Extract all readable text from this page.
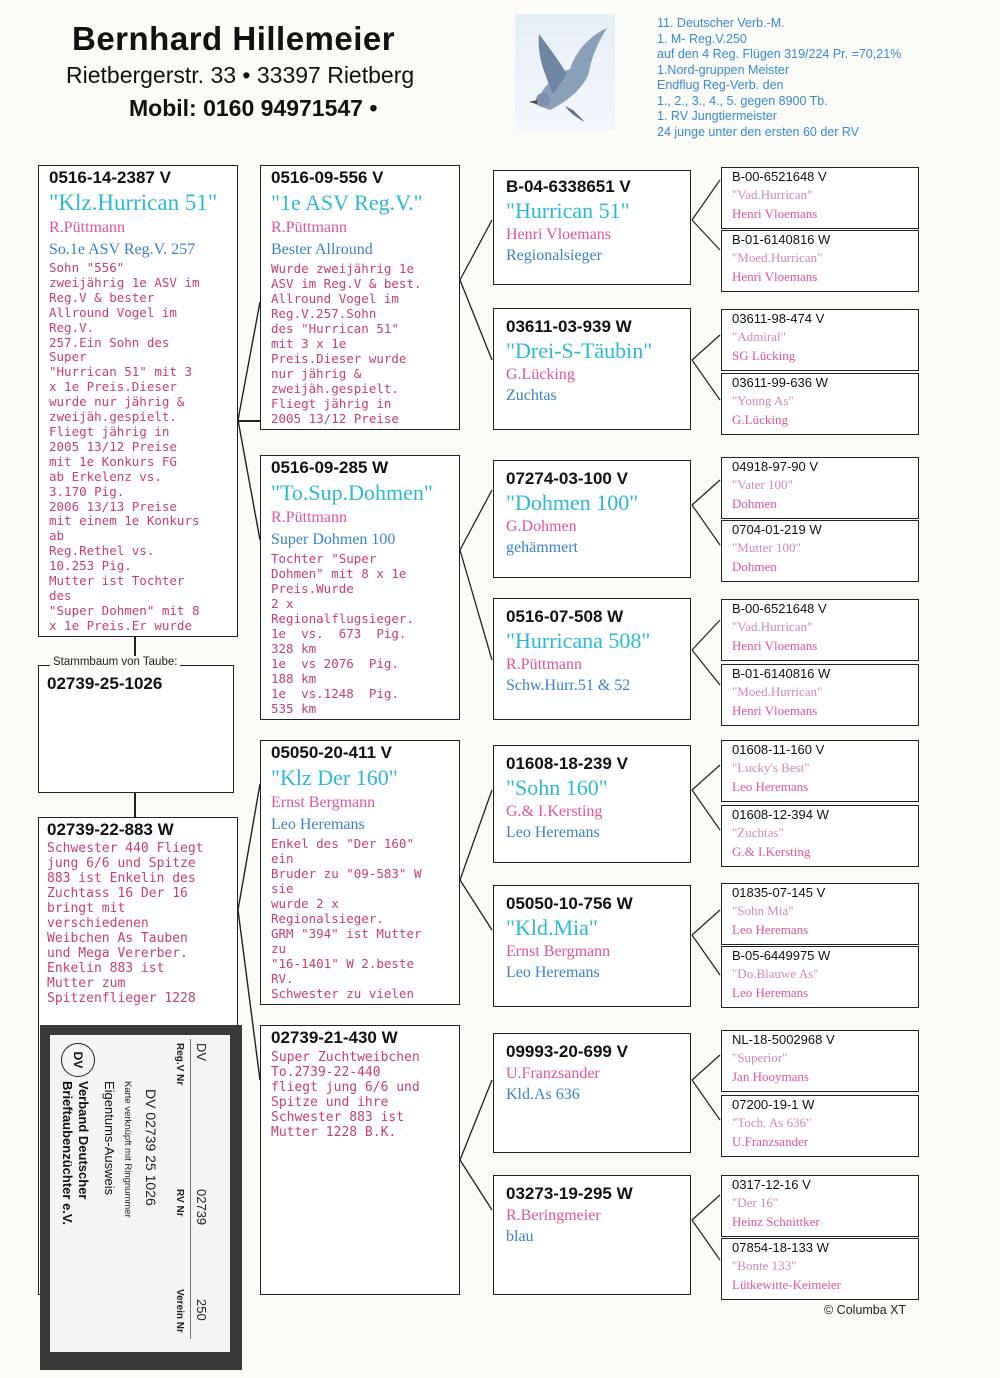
Bernhard Hillemeier
Rietbergerstr. 33 • 33397 Rietberg
Mobil: 0160 94971547 •
11. Deutscher Verb.-M.
1. M- Reg.V.250
auf den 4 Reg. Flügen 319/224 Pr. =70,21%
1.Nord-gruppen Meister
Endflug Reg-Verb. den
1., 2., 3., 4., 5. gegen 8900 Tb.
1. RV Jungtiermeister
24 junge unter den ersten 60 der RV
0516-14-2387 V
"Klz.Hurrican 51"
R.Püttmann
So.1e ASV Reg.V. 257
Sohn "556"
zweijährig 1e ASV im
Reg.V & bester
Allround Vogel im
Reg.V.
257.Ein Sohn des
Super
"Hurrican 51" mit 3
x 1e Preis.Dieser
wurde nur jährig &
zweijäh.gespielt.
Fliegt jährig in
2005 13/12 Preise
mit 1e Konkurs FG
ab Erkelenz vs.
3.170 Pig.
2006 13/13 Preise
mit einem 1e Konkurs
ab
Reg.Rethel vs.
10.253 Pig.
Mutter ist Tochter
des
"Super Dohmen" mit 8
x 1e Preis.Er wurde
02739-25-1026
Stammbaum von Taube:
02739-22-883 W
Schwester 440 Fliegt
jung 6/6 und Spitze
883 ist Enkelin des
Zuchtass 16 Der 16
bringt mit
verschiedenen
Weibchen As Tauben
und Mega Vererber.
Enkelin 883 ist
Mutter zum
Spitzenflieger 1228
0516-09-556 V
"1e ASV Reg.V."
R.Püttmann
Bester Allround
Wurde zweijährig 1e
ASV im Reg.V & best.
Allround Vogel im
Reg.V.257.Sohn
des "Hurrican 51"
mit 3 x 1e
Preis.Dieser wurde
nur jährig &
zweijäh.gespielt.
Fliegt jährig in
2005 13/12 Preise
0516-09-285 W
"To.Sup.Dohmen"
R.Püttmann
Super Dohmen 100
Tochter "Super
Dohmen" mit 8 x 1e
Preis.Wurde
2 x
Regionalflugsieger.
1e  vs.  673  Pig.
328 km
1e  vs 2076  Pig.
188 km
1e  vs.1248  Pig.
535 km
05050-20-411 V
"Klz Der 160"
Ernst Bergmann
Leo Heremans
Enkel des "Der 160"
ein
Bruder zu "09-583" W
sie
wurde 2 x
Regionalsieger.
GRM "394" ist Mutter
zu
"16-1401" W 2.beste
RV.
Schwester zu vielen
02739-21-430 W
Super Zuchtweibchen
To.2739-22-440
fliegt jung 6/6 und
Spitze und ihre
Schwester 883 ist
Mutter 1228 B.K.
B-04-6338651 V
"Hurrican 51"
Henri Vloemans
Regionalsieger
03611-03-939 W
"Drei-S-Täubin"
G.Lücking
Zuchtas
07274-03-100 V
"Dohmen 100"
G.Dohmen
gehämmert
0516-07-508 W
"Hurricana 508"
R.Püttmann
Schw.Hurr.51 & 52
01608-18-239 V
"Sohn 160"
G.& I.Kersting
Leo Heremans
05050-10-756 W
"Kld.Mia"
Ernst Bergmann
Leo Heremans
09993-20-699 V
U.Franzsander
Kld.As 636
03273-19-295 W
R.Beringmeier
blau
B-00-6521648 V
"Vad.Hurrican"
Henri Vloemans
B-01-6140816 W
"Moed.Hurrican"
Henri Vloemans
03611-98-474 V
"Admiral"
SG Lücking
03611-99-636 W
"Young As"
G.Lücking
04918-97-90 V
"Vater 100"
Dohmen
0704-01-219 W
"Mutter 100"
Dohmen
B-00-6521648 V
"Vad.Hurrican"
Henri Vloemans
B-01-6140816 W
"Moed.Hurrican"
Henri Vloemans
01608-11-160 V
"Lucky's Best"
Leo Heremans
01608-12-394 W
"Zuchtas"
G.& I.Kersting
01835-07-145 V
"Sohn Mia"
Leo Heremans
B-05-6449975 W
"Do.Blauwe As"
Leo Heremans
NL-18-5002968 V
"Superior"
Jan Hooymans
07200-19-1 W
"Toch. As 636"
U.Franzsander
0317-12-16 V
"Der 16"
Heinz Schnittker
07854-18-133 W
"Bonte 133"
Lütkewitte-Keimeier
© Columba XT
DV
Verband Deutscher
Brieftaubenzüchter e.V. Eigentums-Ausweis Karte verknüpft mit Ringnummer DV 02739 25 1026
Reg.V Nr
RV Nr
Verein Nr
DV
02739
250
